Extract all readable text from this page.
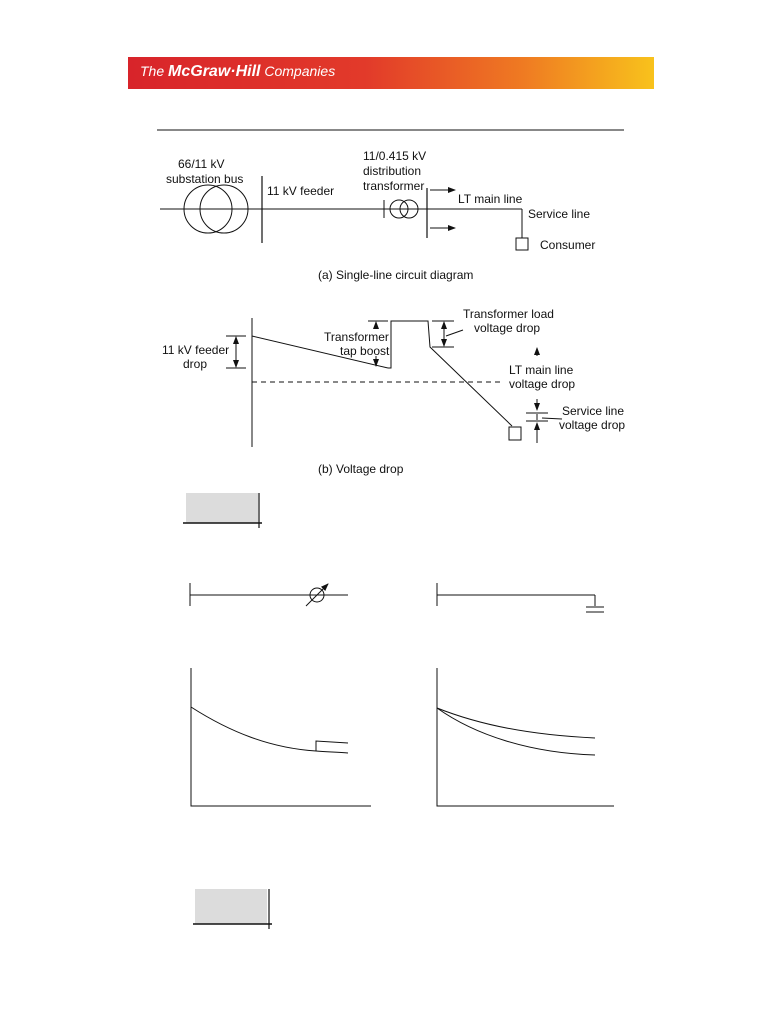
The McGraw·Hill Companies
66/11 kV
substation bus
11 kV feeder
11/0.415 kV
distribution
transformer
LT main line
Service line
Consumer
(a) Single-line circuit diagram
11 kV feeder
drop
Transformer
tap boost
Transformer load
voltage drop
LT main line
voltage drop
Service line
voltage drop
(b) Voltage drop
